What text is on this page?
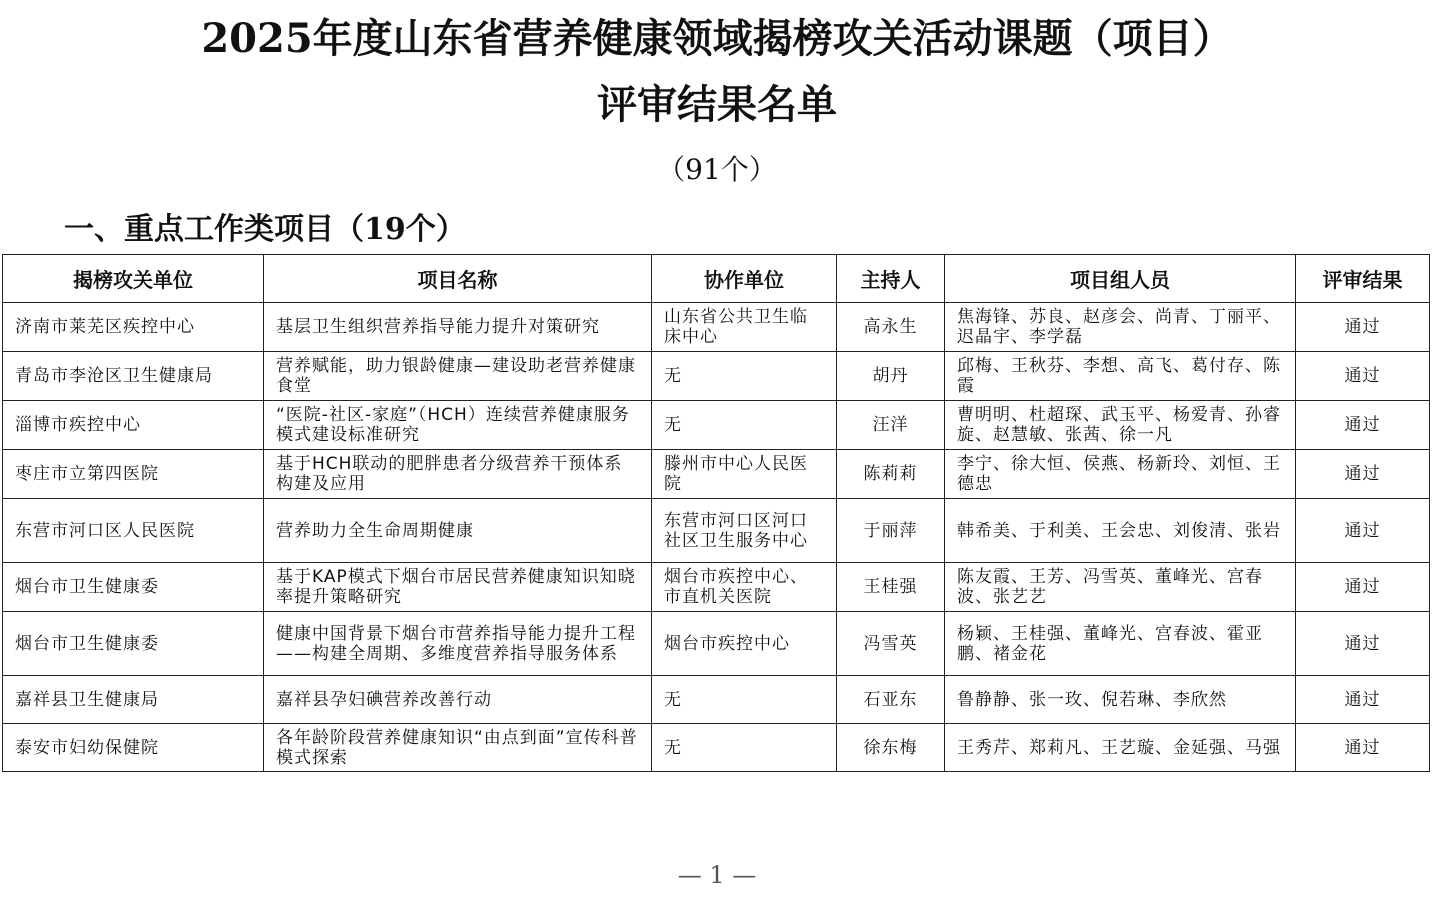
2025年度山东省营养健康领域揭榜攻关活动课题（项目）
评审结果名单
（91个）
一、重点工作类项目（19个）
揭榜攻关单位	项目名称	协作单位	主持人	项目组人员	评审结果
济南市莱芜区疾控中心	基层卫生组织营养指导能力提升对策研究	山东省公共卫生临床中心	高永生	焦海锋、苏良、赵彦会、尚青、丁丽平、迟晶宇、李学磊	通过
青岛市李沧区卫生健康局	营养赋能，助力银龄健康—建设助老营养健康食堂	无	胡丹	邱梅、王秋芬、李想、高飞、葛付存、陈霞	通过
淄博市疾控中心	“医院-社区-家庭”（HCH）连续营养健康服务模式建设标准研究	无	汪洋	曹明明、杜超琛、武玉平、杨爱青、孙睿旋、赵慧敏、张茜、徐一凡	通过
枣庄市立第四医院	基于HCH联动的肥胖患者分级营养干预体系构建及应用	滕州市中心人民医院	陈莉莉	李宁、徐大恒、侯燕、杨新玲、刘恒、王德忠	通过
东营市河口区人民医院	营养助力全生命周期健康	东营市河口区河口社区卫生服务中心	于丽萍	韩希美、于利美、王会忠、刘俊清、张岩	通过
烟台市卫生健康委	基于KAP模式下烟台市居民营养健康知识知晓率提升策略研究	烟台市疾控中心、市直机关医院	王桂强	陈友霞、王芳、冯雪英、董峰光、宫春波、张艺艺	通过
烟台市卫生健康委	健康中国背景下烟台市营养指导能力提升工程——构建全周期、多维度营养指导服务体系	烟台市疾控中心	冯雪英	杨颖、王桂强、董峰光、宫春波、霍亚鹏、褚金花	通过
嘉祥县卫生健康局	嘉祥县孕妇碘营养改善行动	无	石亚东	鲁静静、张一玫、倪若琳、李欣然	通过
泰安市妇幼保健院	各年龄阶段营养健康知识“由点到面”宣传科普模式探索	无	徐东梅	王秀芹、郑莉凡、王艺璇、金延强、马强	通过
— 1 —
